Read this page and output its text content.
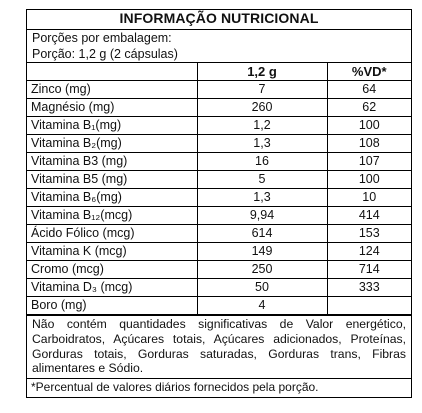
INFORMAÇÃO NUTRICIONAL
Porções por embalagem:
Porção: 1,2 g (2 cápsulas)
	1,2 g	%VD*
Zinco (mg)	7	64
Magnésio (mg)	260	62
Vitamina B₁(mg)	1,2	100
Vitamina B₂(mg)	1,3	108
Vitamina B3 (mg)	16	107
Vitamina B5 (mg)	5	100
Vitamina B₆(mg)	1,3	10
Vitamina B₁₂(mcg)	9,94	414
Ácido Fólico (mcg)	614	153
Vitamina K (mcg)	149	124
Cromo (mcg)	250	714
Vitamina D₃ (mcg)	50	333
Boro (mg)	4	
Não contém quantidades significativas de Valor energético, Carboidratos, Açúcares totais, Açúcares adicionados, Proteínas, Gorduras totais, Gorduras saturadas, Gorduras trans, Fibras alimentares e Sódio.
*Percentual de valores diários fornecidos pela porção.
